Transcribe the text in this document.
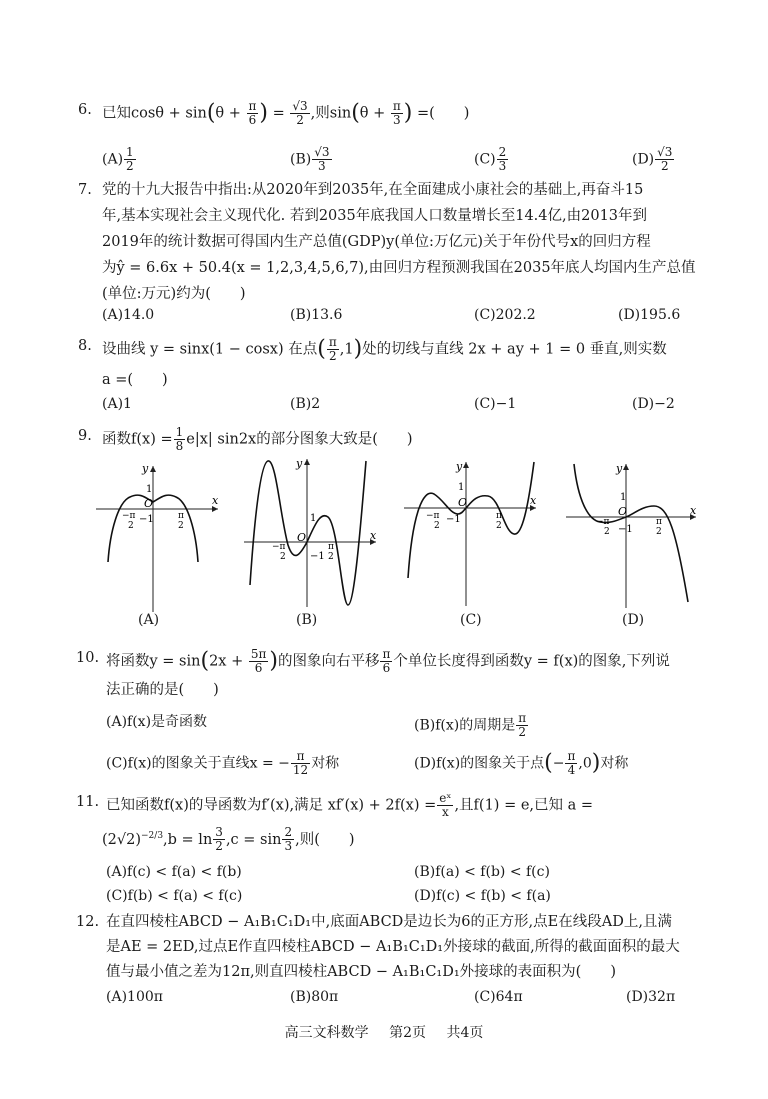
6. 已知$\cos\theta + \sin(\theta + \frac{\pi}{6}$ ) = $\frac{√3}{2}$ ,则$\sin(\theta + \frac{\pi}{3}$ ) =(　　)
$(A) \frac{1}{2}$	$(B) \frac{√3}{3}$	$(C) \frac{2}{3}$	$(D) \frac{√3}{2}$
7. 党的十九大报告中指出:从2020年到2035年,在全面建成小康社会的基础上,再奋斗15
年,基本实现社会主义现代化. 若到2035年底我国人口数量增长至14.4亿,由2013年到
2019年的统计数据可得国内生产总值(GDP)y(单位:万亿元)关于年份代号x的回归方程
为ŷ = 6.6x + 50.4(x = 1,2,3,4,5,6,7),由回归方程预测我国在2035年底人均国内生产总值
(单位:万元)约为(　　)
(A)14.0	(B)13.6	(C)202.2	(D)195.6
8. 设曲线 y = sinx(1 − cosx) 在点( $\frac{\pi}{2} ,1$)处的切线与直线 2x + ay + 1 = 0 垂直,则实数
a =(　　)
(A)1	(B)2	(C)−1	(D)−2
9. 函数$f(x) = \frac{1}{8} e|x|$ sin2x的部分图象大致是(　　)
y
x
O
1
−1
−π
2
π
2
y
x
O
1
−1
−π
2
π
2
y
x
O
1
−1
−π
2
π
2
y
x
O
1
−1
−π
2
π
2
(A)	(B)	(C)	(D)
10. 将函数$y = \sin(2x + \frac{5\pi}{6}$ )的图象向右平移 $\frac{\pi}{6}$ 个单位长度得到函数y = f(x)的图象,下列说
法正确的是(　　)
(A)f(x)是奇函数	(B)f(x)的周期是 $\frac{\pi}{2}$
(C)f(x)的图象关于直线x = − $\frac{\pi}{12}$ 对称	(D)f(x)的图象关于点(− $\frac{\pi}{4} ,0$)对称
11. 已知函数f(x)的导函数为f′(x),满足 $xf'(x) + 2f(x) = \frac{\text{eˣ}}{x}$ ,且f(1) = e,已知 a =
$(2√2)^{-2/3},b = \ln \frac{3}{2} ,c = \sin \frac{2}{3}$ ,则(　　)
(A)f(c) < f(a) < f(b)	(B)f(a) < f(b) < f(c)
(C)f(b) < f(a) < f(c)	(D)f(c) < f(b) < f(a)
12. 在直四棱柱ABCD − A₁B₁C₁D₁中,底面ABCD是边长为6的正方形,点E在线段AD上,且满
是AE = 2ED,过点E作直四棱柱ABCD − A₁B₁C₁D₁外接球的截面,所得的截面面积的最大
值与最小值之差为12π,则直四棱柱ABCD − A₁B₁C₁D₁外接球的表面积为(　　)
(A)100π	(B)80π	(C)64π	(D)32π
高三文科数学 第2页 共4页
